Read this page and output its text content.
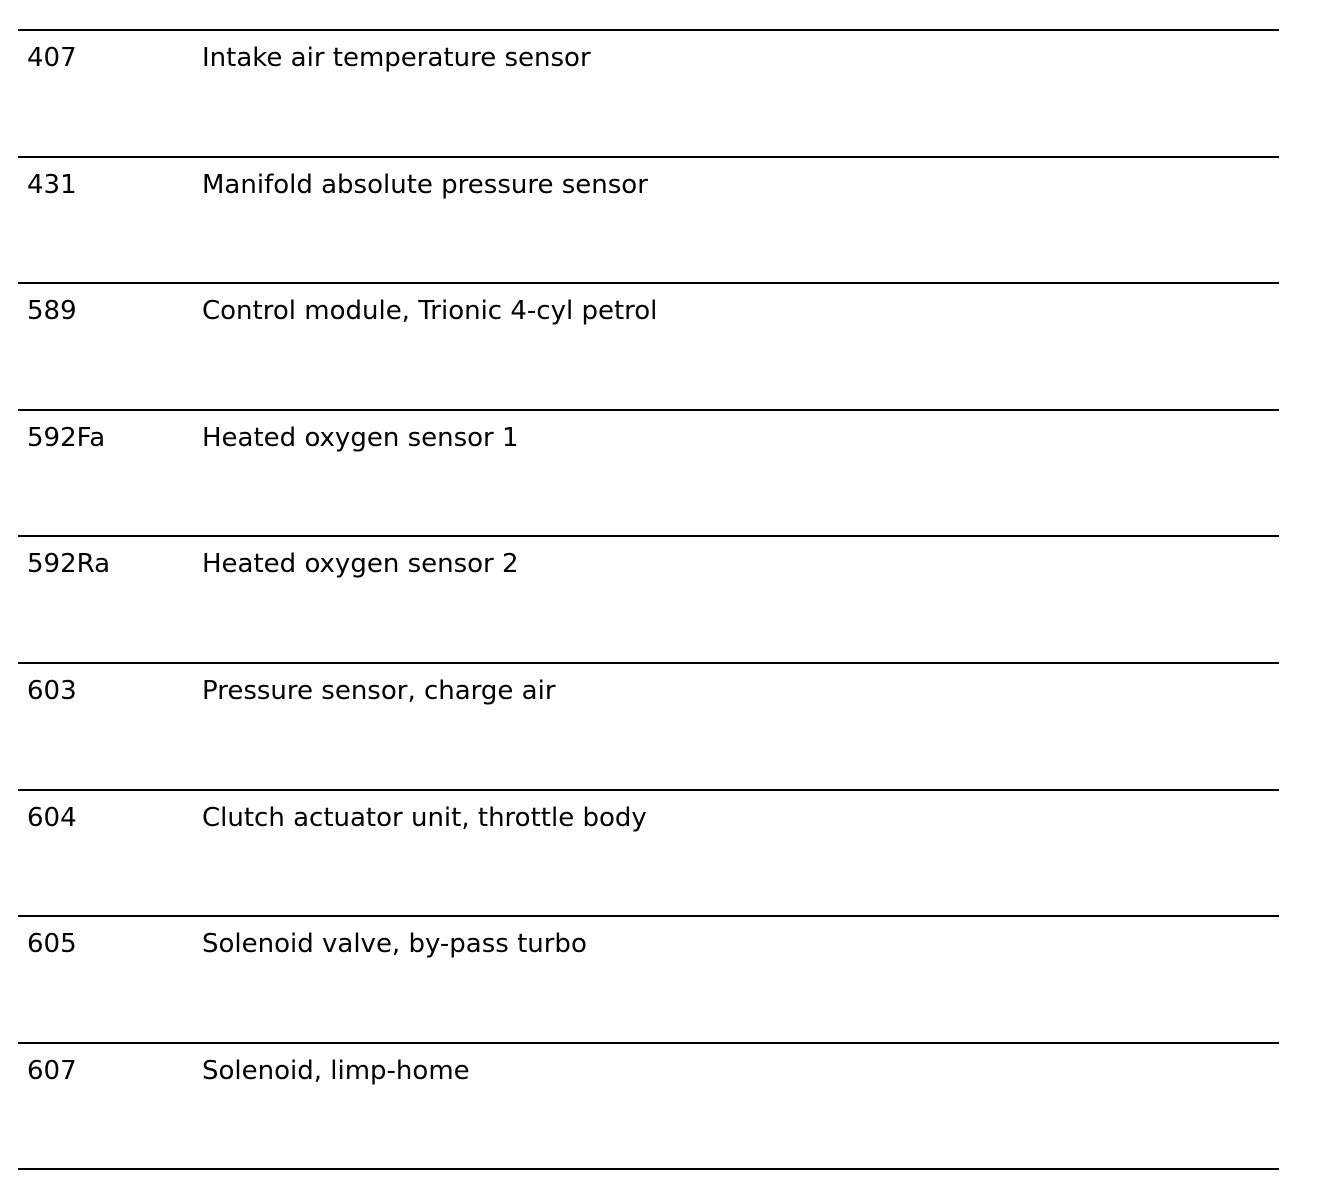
407	Intake air temperature sensor
431	Manifold absolute pressure sensor
589	Control module, Trionic 4-cyl petrol
592Fa	Heated oxygen sensor 1
592Ra	Heated oxygen sensor 2
603	Pressure sensor, charge air
604	Clutch actuator unit, throttle body
605	Solenoid valve, by-pass turbo
607	Solenoid, limp-home
